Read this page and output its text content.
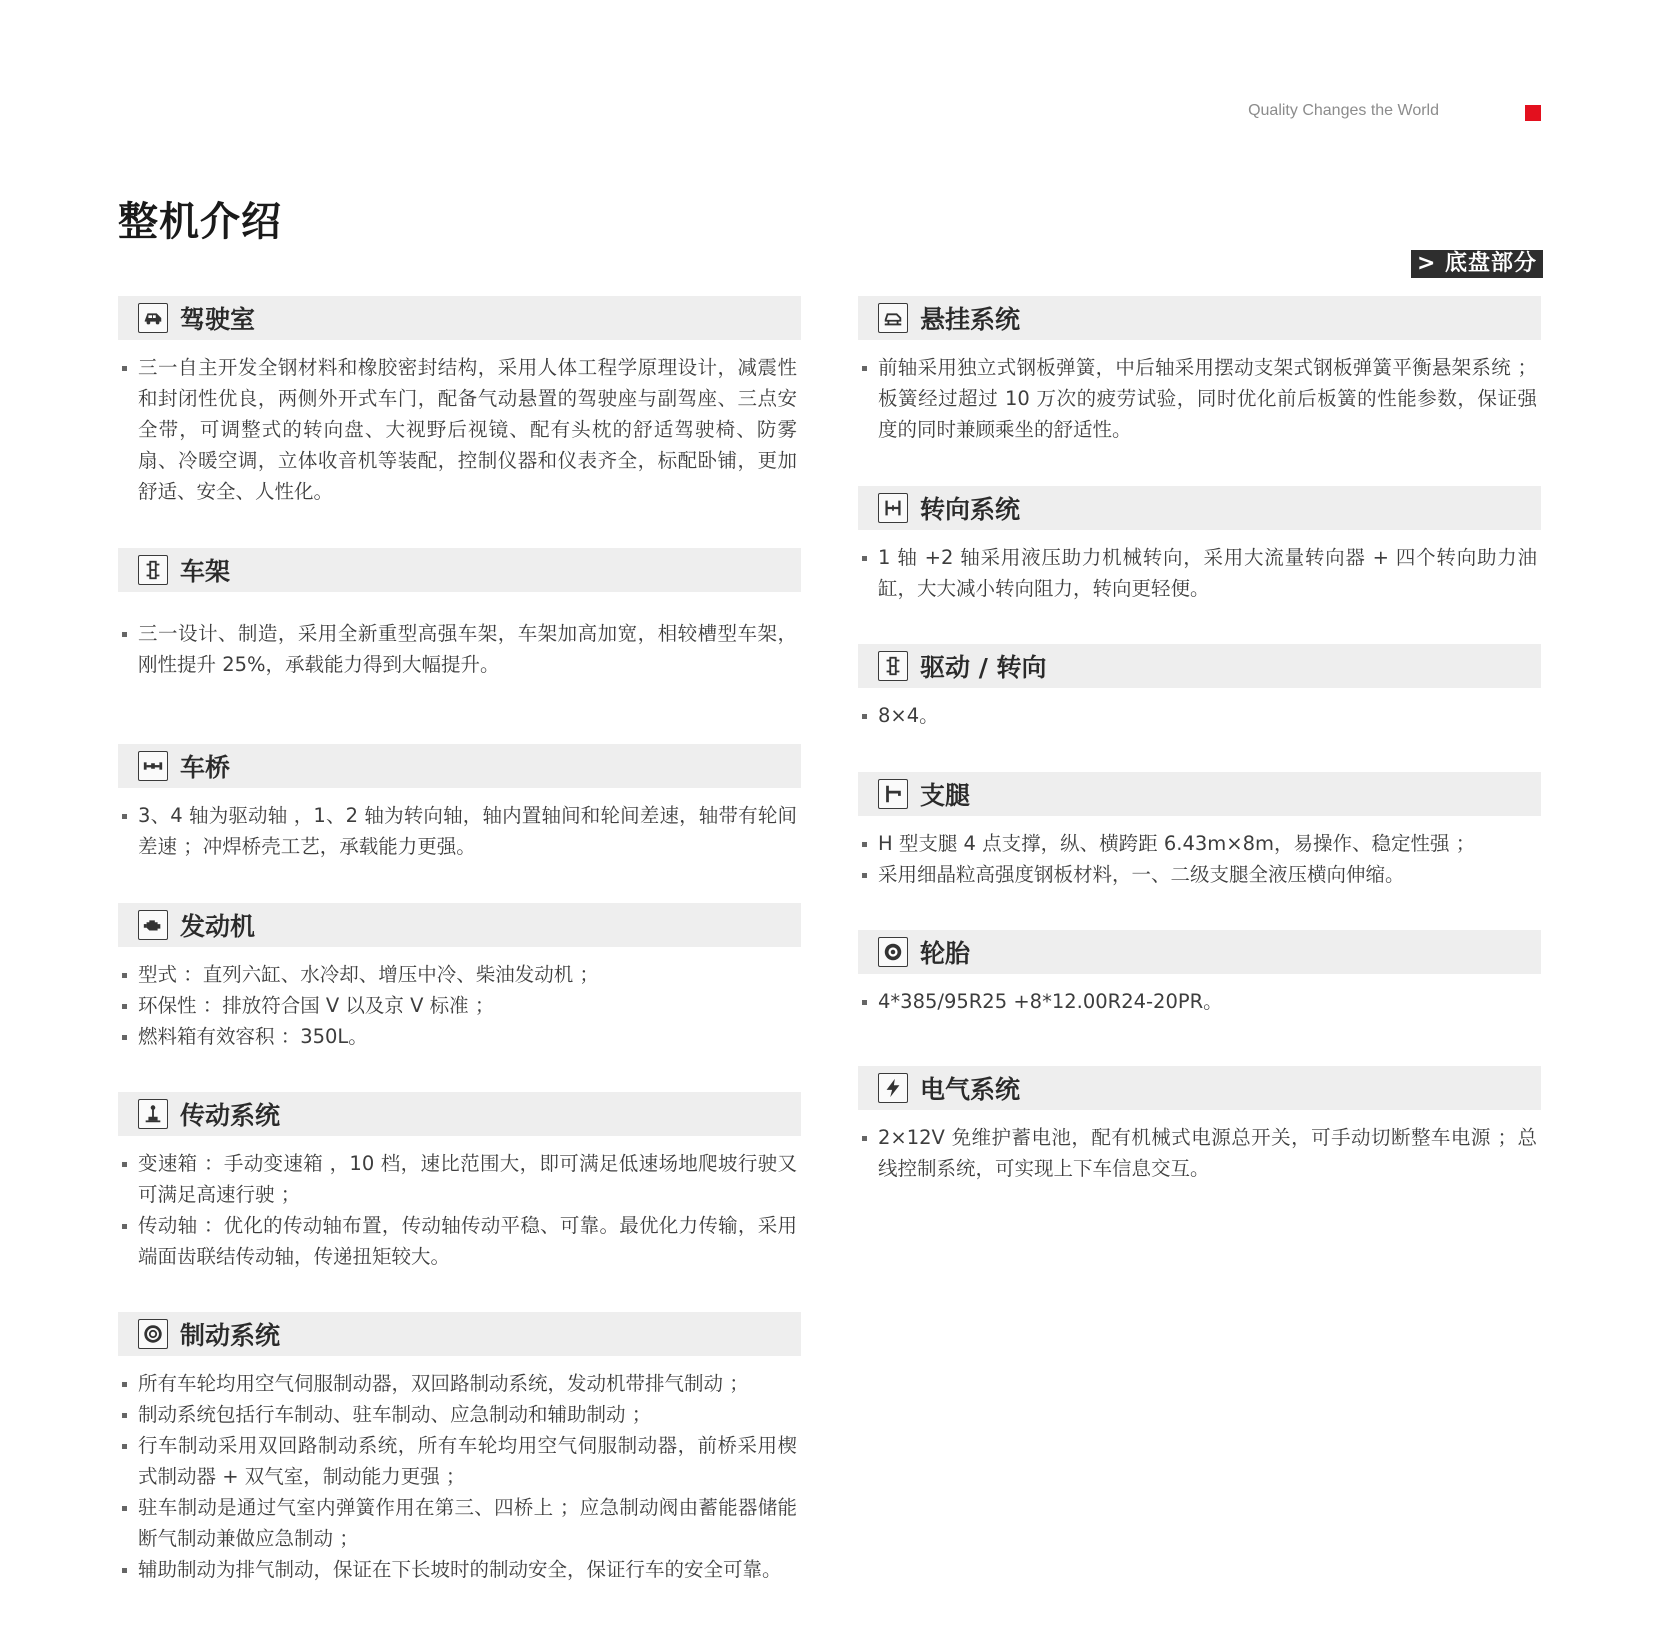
Quality Changes the World
整机介绍
> 底盘部分
驾驶室
三一自主开发全钢材料和橡胶密封结构，采用人体工程学原理设计，减震性和封闭性优良，两侧外开式车门，配备气动悬置的驾驶座与副驾座、三点安全带，可调整式的转向盘、大视野后视镜、配有头枕的舒适驾驶椅、防雾扇、冷暖空调，立体收音机等装配，控制仪器和仪表齐全，标配卧铺，更加舒适、安全、人性化。
车架
三一设计、制造，采用全新重型高强车架，车架加高加宽，相较槽型车架，刚性提升 25%，承载能力得到大幅提升。
车桥
3、4 轴为驱动轴 ，1、2 轴为转向轴，轴内置轴间和轮间差速，轴带有轮间差速 ；冲焊桥壳工艺，承载能力更强。
发动机
型式 ：直列六缸、水冷却、增压中冷、柴油发动机 ；
环保性 ：排放符合国 V 以及京 V 标准 ；
燃料箱有效容积 ：350L。
传动系统
变速箱 ：手动变速箱 ，10 档，速比范围大，即可满足低速场地爬坡行驶又可满足高速行驶 ；
传动轴 ：优化的传动轴布置，传动轴传动平稳、可靠。最优化力传输，采用端面齿联结传动轴，传递扭矩较大。
制动系统
所有车轮均用空气伺服制动器，双回路制动系统，发动机带排气制动 ；
制动系统包括行车制动、驻车制动、应急制动和辅助制动 ；
行车制动采用双回路制动系统，所有车轮均用空气伺服制动器，前桥采用楔式制动器 + 双气室，制动能力更强 ；
驻车制动是通过气室内弹簧作用在第三、四桥上 ；应急制动阀由蓄能器储能断气制动兼做应急制动 ；
辅助制动为排气制动，保证在下长坡时的制动安全，保证行车的安全可靠。
悬挂系统
前轴采用独立式钢板弹簧，中后轴采用摆动支架式钢板弹簧平衡悬架系统 ；板簧经过超过 10 万次的疲劳试验，同时优化前后板簧的性能参数，保证强度的同时兼顾乘坐的舒适性。
转向系统
1 轴 +2 轴采用液压助力机械转向，采用大流量转向器 + 四个转向助力油缸，大大减小转向阻力，转向更轻便。
驱动 / 转向
8×4。
支腿
H 型支腿 4 点支撑，纵、横跨距 6.43m×8m，易操作、稳定性强 ；
采用细晶粒高强度钢板材料，一、二级支腿全液压横向伸缩。
轮胎
4*385/95R25 +8*12.00R24-20PR。
电气系统
2×12V 免维护蓄电池，配有机械式电源总开关，可手动切断整车电源 ；总线控制系统，可实现上下车信息交互。
